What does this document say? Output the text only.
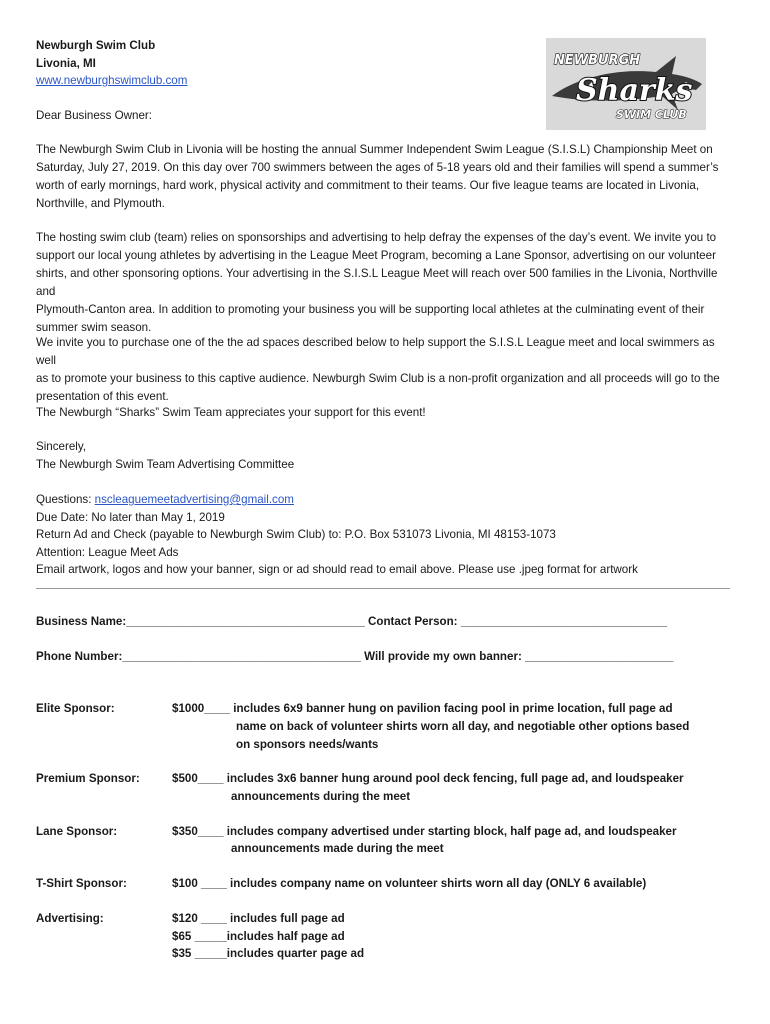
Newburgh Swim Club
Livonia, MI
www.newburghswimclub.com
NEWBURGH
Sharks
SWIM CLUB
Dear Business Owner:
The Newburgh Swim Club in Livonia will be hosting the annual Summer Independent Swim League (S.I.S.L) Championship Meet on
Saturday, July 27, 2019. On this day over 700 swimmers between the ages of 5-18 years old and their families will spend a summer’s
worth of early mornings, hard work, physical activity and commitment to their teams. Our five league teams are located in Livonia,
Northville, and Plymouth.
The hosting swim club (team) relies on sponsorships and advertising to help defray the expenses of the day’s event. We invite you to
support our local young athletes by advertising in the League Meet Program, becoming a Lane Sponsor, advertising on our volunteer
shirts, and other sponsoring options. Your advertising in the S.I.S.L League Meet will reach over 500 families in the Livonia, Northville and
Plymouth-Canton area. In addition to promoting your business you will be supporting local athletes at the culminating event of their
summer swim season.
We invite you to purchase one of the the ad spaces described below to help support the S.I.S.L League meet and local swimmers as well
as to promote your business to this captive audience. Newburgh Swim Club is a non-profit organization and all proceeds will go to the
presentation of this event.
The Newburgh “Sharks” Swim Team appreciates your support for this event!
Sincerely,
The Newburgh Swim Team Advertising Committee
Questions: nscleaguemeetadvertising@gmail.com
Due Date: No later than May 1, 2019
Return Ad and Check (payable to Newburgh Swim Club) to: P.O. Box 531073 Livonia, MI 48153-1073
Attention: League Meet Ads
Email artwork, logos and how your banner, sign or ad should read to email above. Please use .jpeg format for artwork
Business Name:_____________________________________ Contact Person: ________________________________
Phone Number:_____________________________________ Will provide my own banner: _______________________
Elite Sponsor:	$1000____ includes 6x9 banner hung on pavilion facing pool in prime location, full page ad
name on back of volunteer shirts worn all day, and negotiable other options based
on sponsors needs/wants
Premium Sponsor:	$500____ includes 3x6 banner hung around pool deck fencing, full page ad, and loudspeaker
announcements during the meet
Lane Sponsor:	$350____ includes company advertised under starting block, half page ad, and loudspeaker
announcements made during the meet
T-Shirt Sponsor:	$100 ____ includes company name on volunteer shirts worn all day (ONLY 6 available)
Advertising:	$120 ____ includes full page ad
$65 _____includes half page ad
$35 _____includes quarter page ad
